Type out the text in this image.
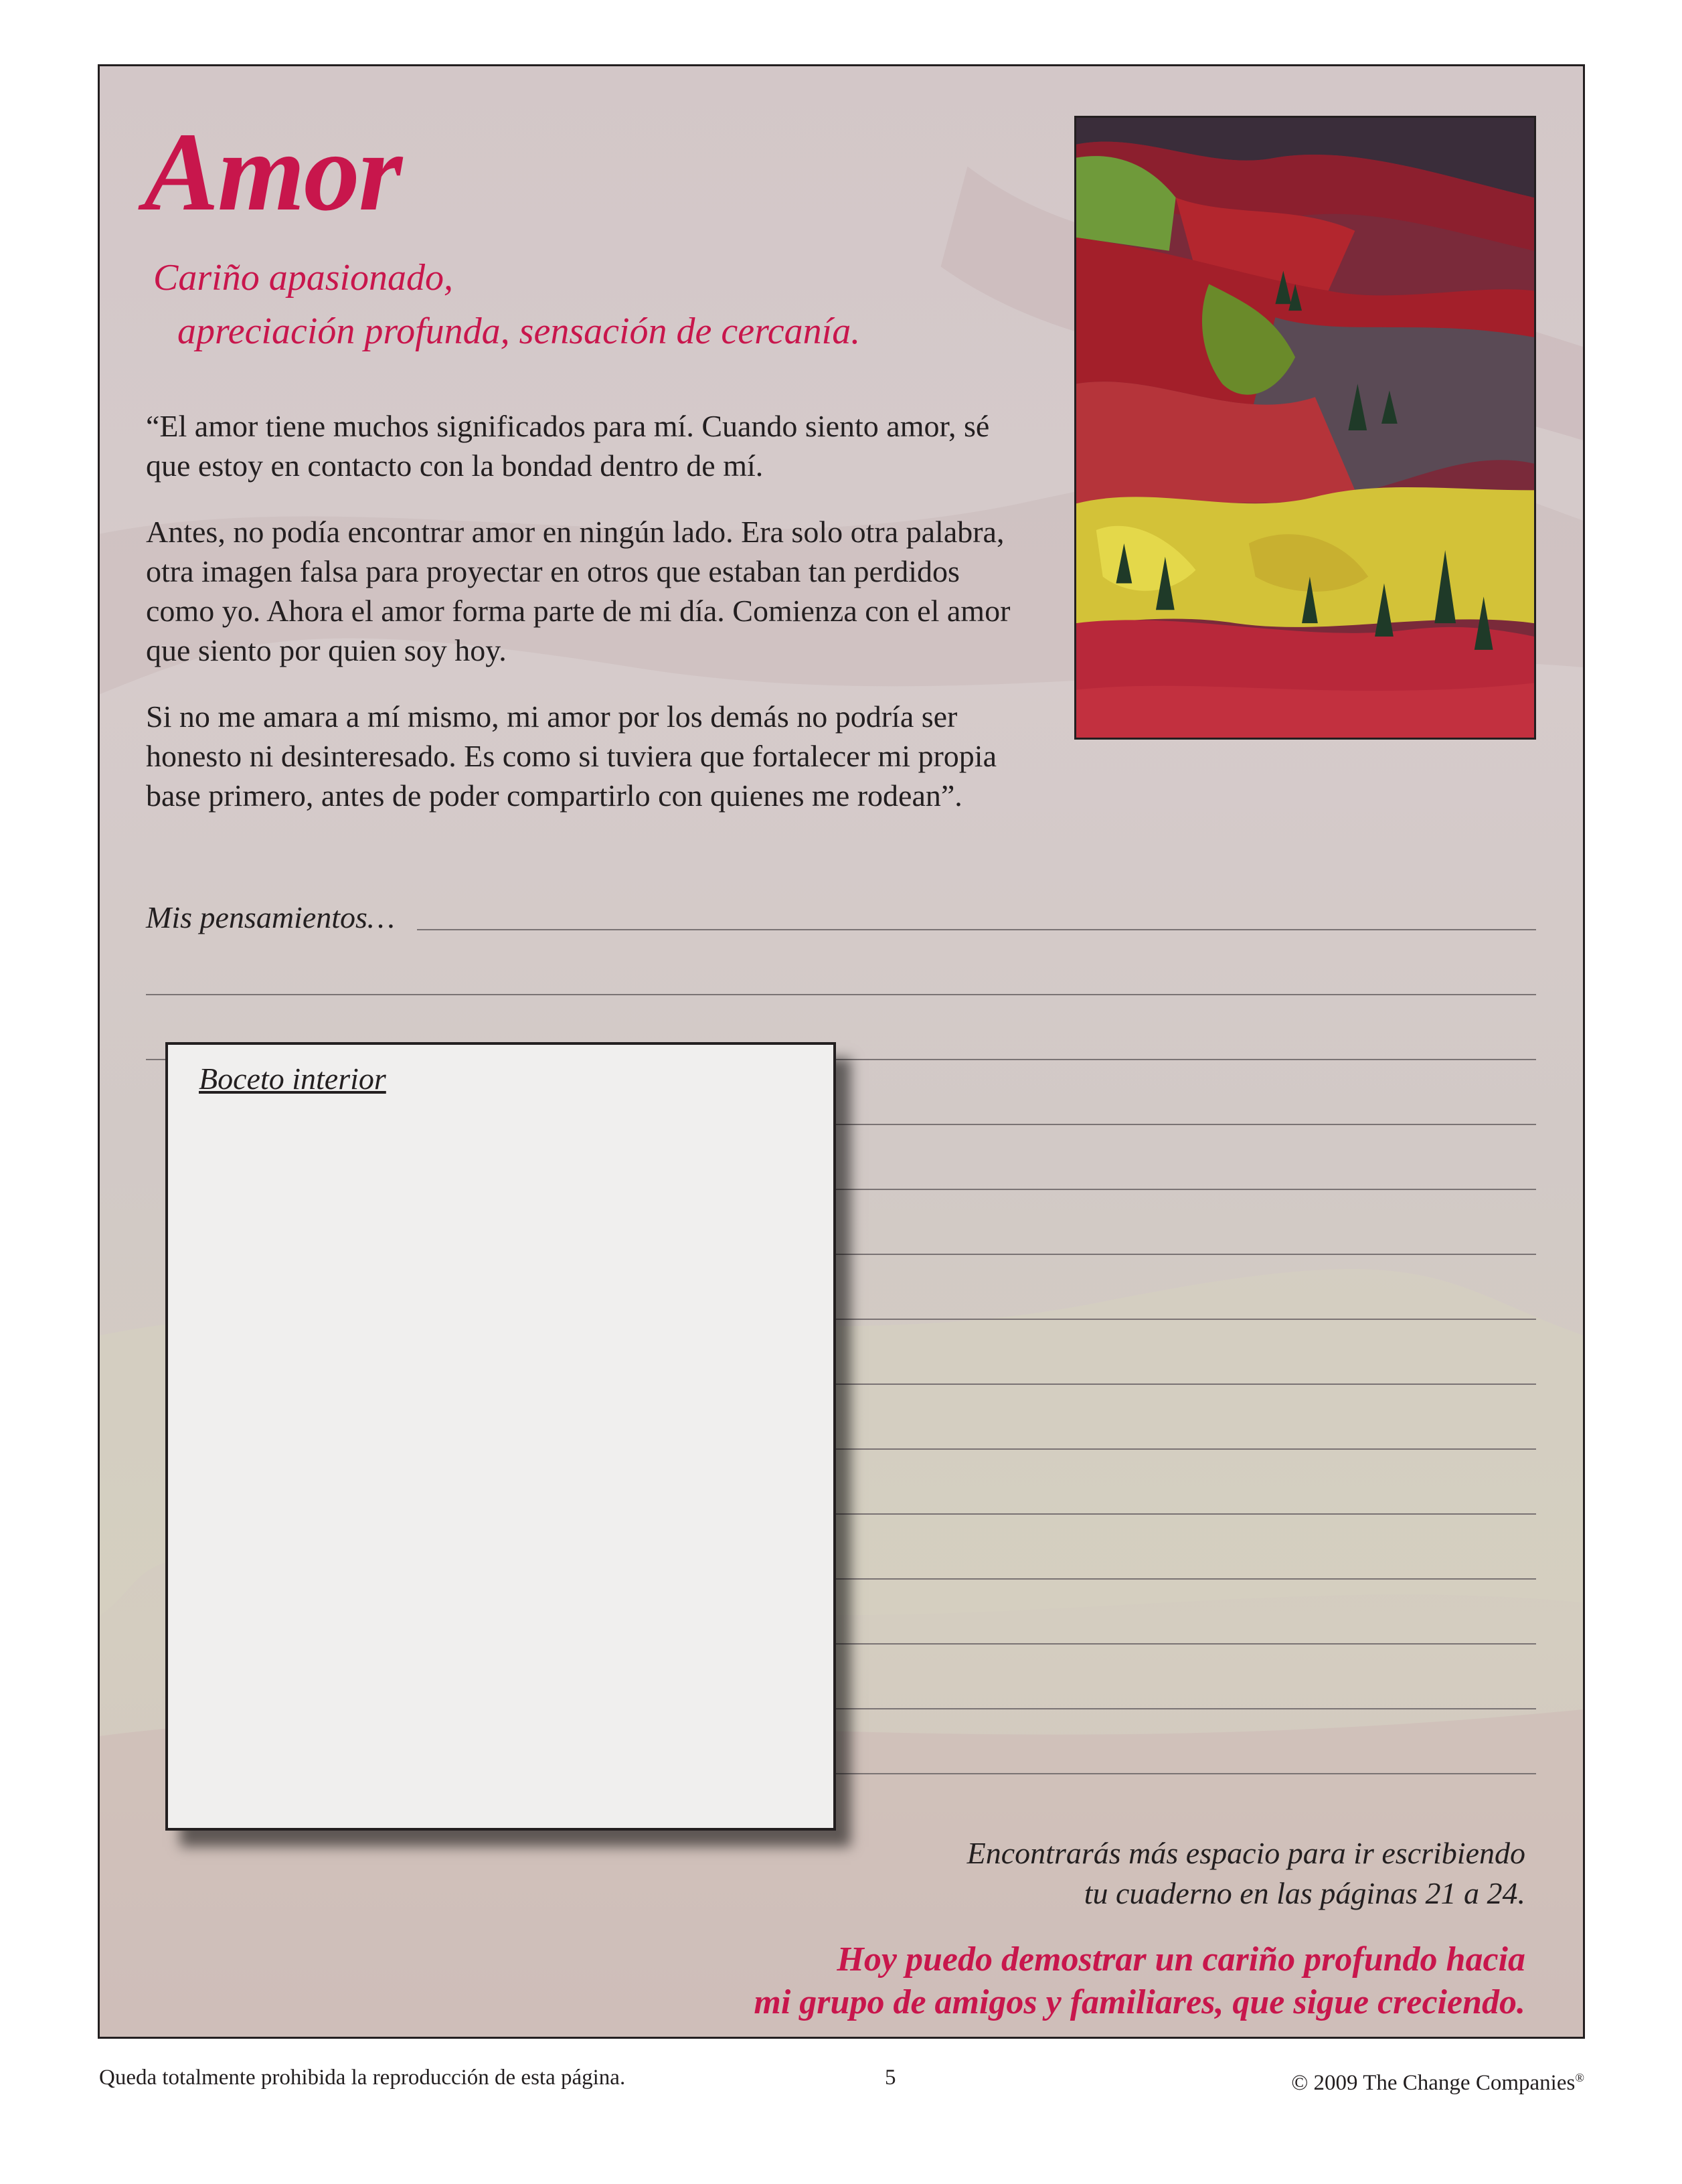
Amor

Cariño apasionado,
apreciación profunda, sensación de cercanía.

“El amor tiene muchos significados para mí. Cuando siento amor, sé que estoy en contacto con la bondad dentro de mí.

Antes, no podía encontrar amor en ningún lado. Era solo otra palabra, otra imagen falsa para proyectar en otros que estaban tan perdidos como yo. Ahora el amor forma parte de mi día. Comienza con el amor que siento por quien soy hoy.

Si no me amara a mí mismo, mi amor por los demás no podría ser honesto ni desinteresado. Es como si tuviera que fortalecer mi propia base primero, antes de poder compartirlo con quienes me rodean”.

Mis pensamientos…

Boceto interior
Encontrarás más espacio para ir escribiendo
tu cuaderno en las páginas 21 a 24.
Hoy puedo demostrar un cariño profundo hacia
mi grupo de amigos y familiares, que sigue creciendo.
Queda totalmente prohibida la reproducción de esta página.	5	© 2009 The Change Companies®
